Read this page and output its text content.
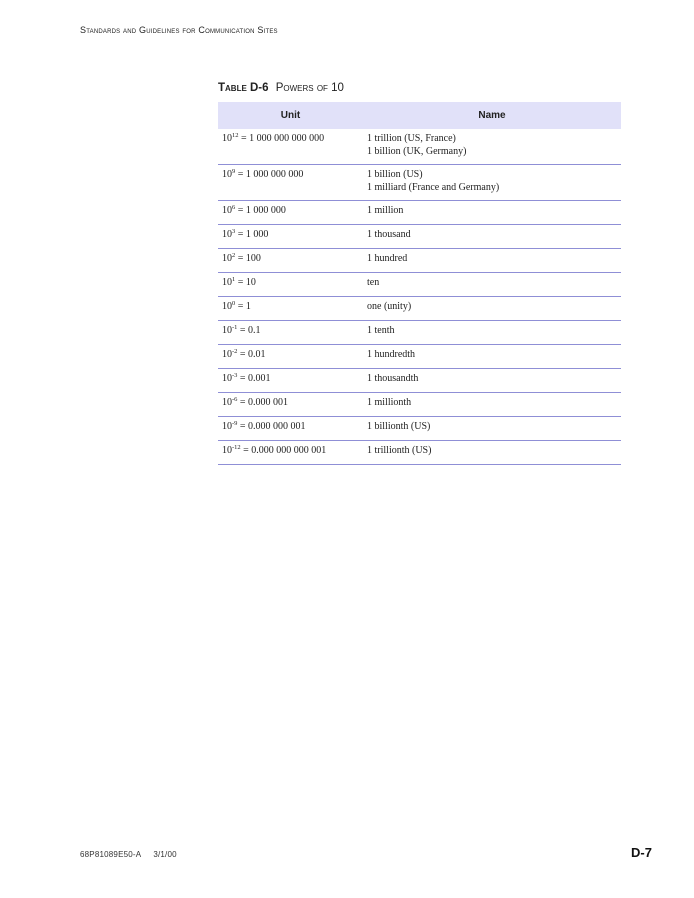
Standards and Guidelines for Communication Sites
Table D-6 Powers of 10
Unit	Name
$10^{12} = 1$ 000 000 000 000	1 trillion (US, France)
1 billion (UK, Germany)

$10^9 = 1$ 000 000 000	1 billion (US)
1 milliard (France and Germany)

$10^6 = 1$ 000 000	1 million

$10^3 = 1$ 000	1 thousand

$10^2 = 100$	1 hundred

$10^1 = 10$	ten

$10^0 = 1$	one (unity)

$10^{-1} = 0.1$	1 tenth

$10^{-2} = 0.01$	1 hundredth

$10^{-3} = 0.001$	1 thousandth

$10^{-6} = 0.000$ 001	1 millionth

$10^{-9} = 0.000$ 000 001	1 billionth (US)

$10^{-12} = 0.000$ 000 000 001	1 trillionth (US)
68P81089E50-A 3/1/00	D-7
